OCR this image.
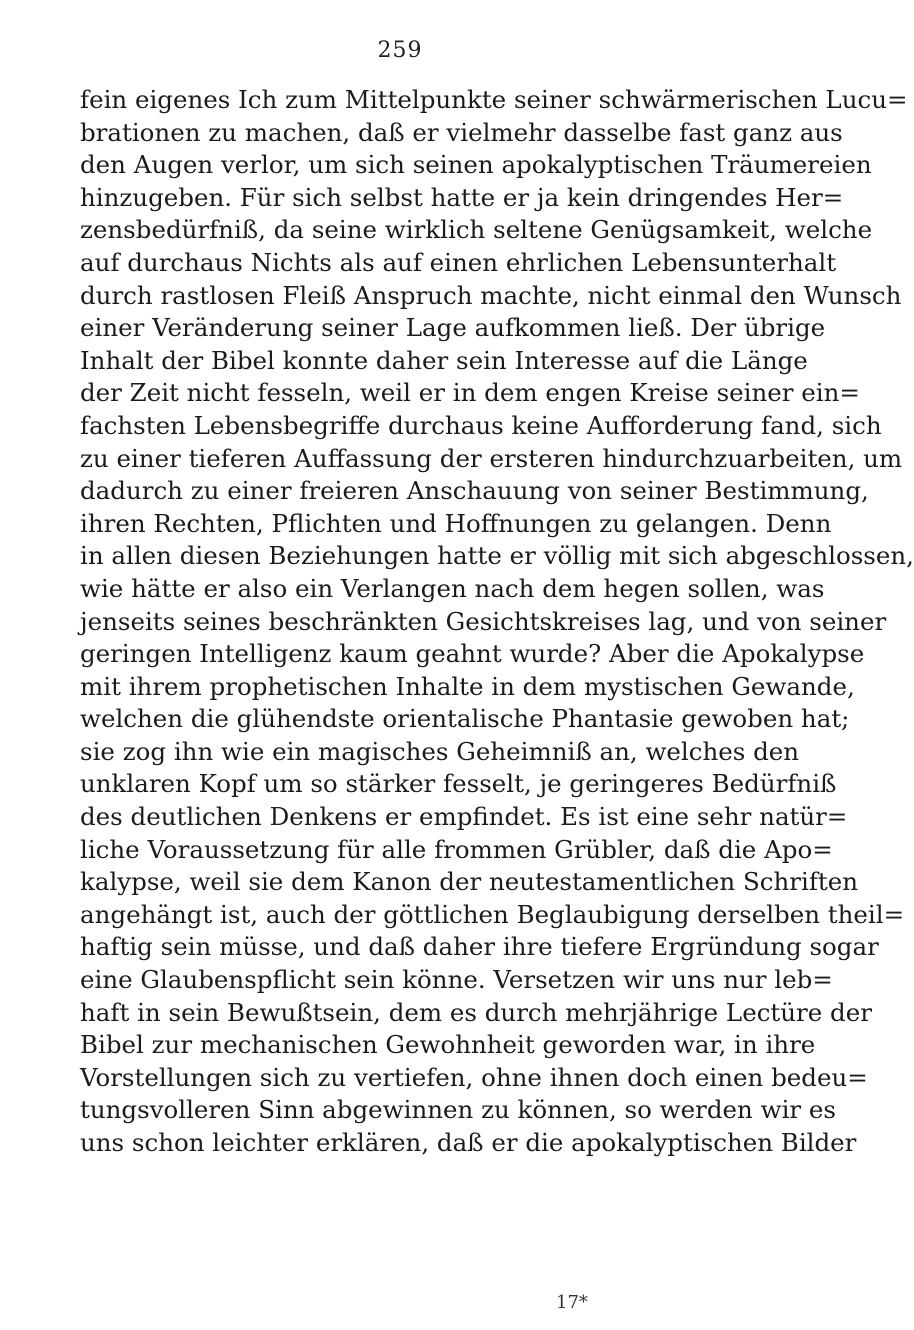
259
fein eigenes Ich zum Mittelpunkte seiner schwärmerischen Lucu=
brationen zu machen, daß er vielmehr dasselbe fast ganz aus
den Augen verlor, um sich seinen apokalyptischen Träumereien
hinzugeben. Für sich selbst hatte er ja kein dringendes Her=
zensbedürfniß, da seine wirklich seltene Genügsamkeit, welche
auf durchaus Nichts als auf einen ehrlichen Lebensunterhalt
durch rastlosen Fleiß Anspruch machte, nicht einmal den Wunsch
einer Veränderung seiner Lage aufkommen ließ. Der übrige
Inhalt der Bibel konnte daher sein Interesse auf die Länge
der Zeit nicht fesseln, weil er in dem engen Kreise seiner ein=
fachsten Lebensbegriffe durchaus keine Aufforderung fand, sich
zu einer tieferen Auffassung der ersteren hindurchzuarbeiten, um
dadurch zu einer freieren Anschauung von seiner Bestimmung,
ihren Rechten, Pflichten und Hoffnungen zu gelangen. Denn
in allen diesen Beziehungen hatte er völlig mit sich abgeschlossen,
wie hätte er also ein Verlangen nach dem hegen sollen, was
jenseits seines beschränkten Gesichtskreises lag, und von seiner
geringen Intelligenz kaum geahnt wurde? Aber die Apokalypse
mit ihrem prophetischen Inhalte in dem mystischen Gewande,
welchen die glühendste orientalische Phantasie gewoben hat;
sie zog ihn wie ein magisches Geheimniß an, welches den
unklaren Kopf um so stärker fesselt, je geringeres Bedürfniß
des deutlichen Denkens er empfindet. Es ist eine sehr natür=
liche Voraussetzung für alle frommen Grübler, daß die Apo=
kalypse, weil sie dem Kanon der neutestamentlichen Schriften
angehängt ist, auch der göttlichen Beglaubigung derselben theil=
haftig sein müsse, und daß daher ihre tiefere Ergründung sogar
eine Glaubenspflicht sein könne. Versetzen wir uns nur leb=
haft in sein Bewußtsein, dem es durch mehrjährige Lectüre der
Bibel zur mechanischen Gewohnheit geworden war, in ihre
Vorstellungen sich zu vertiefen, ohne ihnen doch einen bedeu=
tungsvolleren Sinn abgewinnen zu können, so werden wir es
uns schon leichter erklären, daß er die apokalyptischen Bilder
17*
